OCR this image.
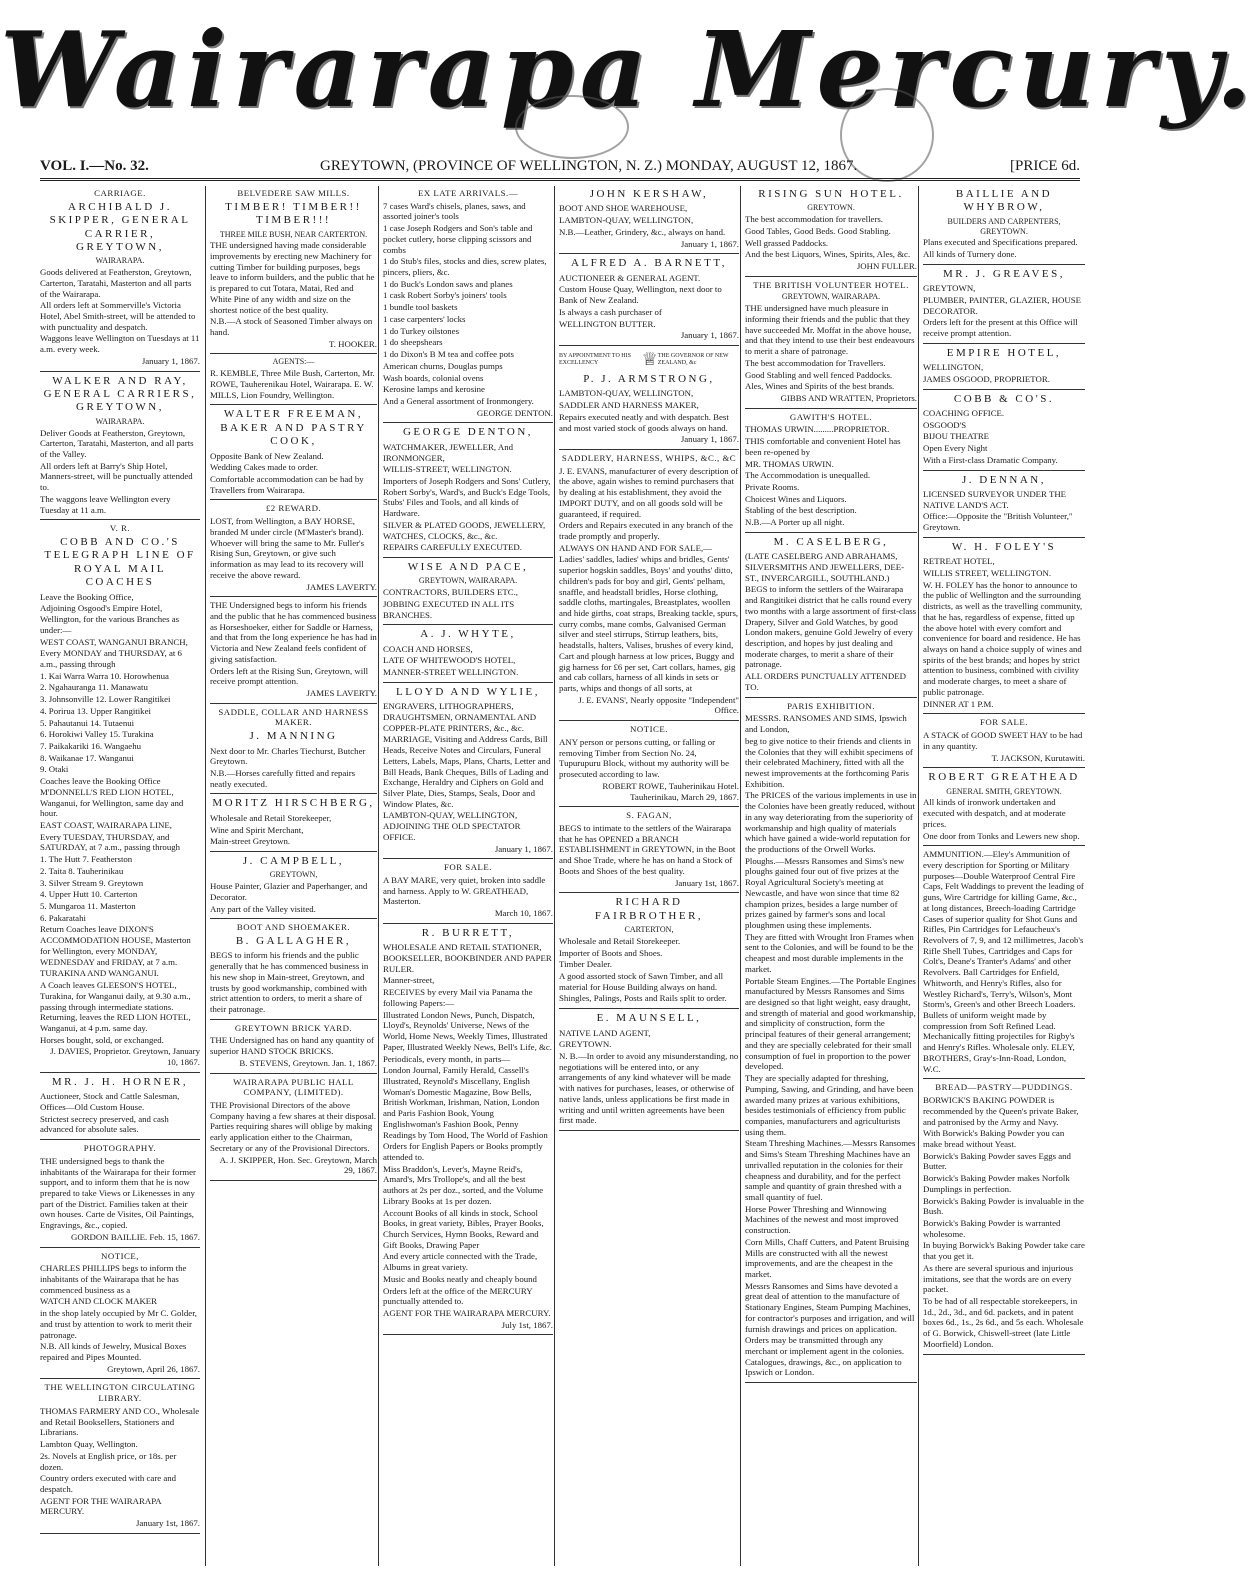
Wairarapa Mercury.
VOL. I.—No. 32.	GREYTOWN, (PROVINCE OF WELLINGTON, N. Z.) MONDAY, AUGUST 12, 1867.	[PRICE 6d.
CARRIAGE.
ARCHIBALD J. SKIPPER, GENERAL CARRIER, GREYTOWN,
WAIRARAPA.
Goods delivered at Featherston, Greytown, Carterton, Taratahi, Masterton and all parts of the Wairarapa.
All orders left at Sommerville's Victoria Hotel, Abel Smith-street, will be attended to with punctuality and despatch.
Waggons leave Wellington on Tuesdays at 11 a.m. every week.
January 1, 1867.
WALKER AND RAY, GENERAL CARRIERS, GREYTOWN,
WAIRARAPA.
Deliver Goods at Featherston, Greytown, Carterton, Taratahi, Masterton, and all parts of the Valley.
All orders left at Barry's Ship Hotel, Manners-street, will be punctually attended to.
The waggons leave Wellington every Tuesday at 11 a.m.
V. R.
COBB AND CO.'S TELEGRAPH LINE OF ROYAL MAIL COACHES
Leave the Booking Office,
Adjoining Osgood's Empire Hotel, Wellington, for the various Branches as under:—
WEST COAST, WANGANUI BRANCH,
Every MONDAY and THURSDAY, at 6 a.m., passing through
1. Kai Warra Warra 10. Horowhenua
2. Ngahauranga 11. Manawatu
3. Johnsonville 12. Lower Rangitikei
4. Porirua 13. Upper Rangitikei
5. Pahautanui 14. Tutaenui
6. Horokiwi Valley 15. Turakina
7. Paikakariki 16. Wangaehu
8. Waikanae 17. Wanganui
9. Otaki
Coaches leave the Booking Office M'DONNELL'S RED LION HOTEL, Wanganui, for Wellington, same day and hour.
EAST COAST, WAIRARAPA LINE,
Every TUESDAY, THURSDAY, and SATURDAY, at 7 a.m., passing through
1. The Hutt 7. Featherston
2. Taita 8. Tauherinikau
3. Silver Stream 9. Greytown
4. Upper Hutt 10. Carterton
5. Mungaroa 11. Masterton
6. Pakaratahi
Return Coaches leave DIXON'S ACCOMMODATION HOUSE, Masterton for Wellington, every MONDAY, WEDNESDAY and FRIDAY, at 7 a.m.
TURAKINA AND WANGANUI.
A Coach leaves GLEESON'S HOTEL, Turakina, for Wanganui daily, at 9.30 a.m., passing through intermediate stations. Returning, leaves the RED LION HOTEL, Wanganui, at 4 p.m. same day.
Horses bought, sold, or exchanged.
J. DAVIES, Proprietor. Greytown, January 10, 1867.
MR. J. H. HORNER,
Auctioneer, Stock and Cattle Salesman, Offices—Old Custom House.
Strictest secrecy preserved, and cash advanced for absolute sales.
PHOTOGRAPHY.
THE undersigned begs to thank the inhabitants of the Wairarapa for their former support, and to inform them that he is now prepared to take Views or Likenesses in any part of the District. Families taken at their own houses. Carte de Visites, Oil Paintings, Engravings, &c., copied.
GORDON BAILLIE. Feb. 15, 1867.
NOTICE,
CHARLES PHILLIPS begs to inform the inhabitants of the Wairarapa that he has commenced business as a
WATCH AND CLOCK MAKER
in the shop lately occupied by Mr C. Golder, and trust by attention to work to merit their patronage.
N.B. All kinds of Jewelry, Musical Boxes repaired and Pipes Mounted.
Greytown, April 26, 1867.
THE WELLINGTON CIRCULATING LIBRARY.
THOMAS FARMERY AND CO., Wholesale and Retail Booksellers, Stationers and Librarians.
Lambton Quay, Wellington.
2s. Novels at English price, or 18s. per dozen.
Country orders executed with care and despatch.
AGENT FOR THE WAIRARAPA MERCURY.
January 1st, 1867.
BELVEDERE SAW MILLS.
TIMBER! TIMBER!! TIMBER!!!
THREE MILE BUSH, NEAR CARTERTON.
THE undersigned having made considerable improvements by erecting new Machinery for cutting Timber for building purposes, begs leave to inform builders, and the public that he is prepared to cut Totara, Matai, Red and White Pine of any width and size on the shortest notice of the best quality.
N.B.—A stock of Seasoned Timber always on hand.
T. HOOKER.
AGENTS:—
R. KEMBLE, Three Mile Bush, Carterton, Mr. ROWE, Tauherenikau Hotel, Wairarapa. E. W. MILLS, Lion Foundry, Wellington.
WALTER FREEMAN, BAKER AND PASTRY COOK,
Opposite Bank of New Zealand.
Wedding Cakes made to order.
Comfortable accommodation can be had by Travellers from Wairarapa.
£2 REWARD.
LOST, from Wellington, a BAY HORSE, branded M under circle (M'Master's brand). Whoever will bring the same to Mr. Fuller's Rising Sun, Greytown, or give such information as may lead to its recovery will receive the above reward.
JAMES LAVERTY.
THE Undersigned begs to inform his friends and the public that he has commenced business as Horseshoeker, either for Saddle or Harness, and that from the long experience he has had in Victoria and New Zealand feels confident of giving satisfaction.
Orders left at the Rising Sun, Greytown, will receive prompt attention.
JAMES LAVERTY.
SADDLE, COLLAR AND HARNESS MAKER.
J. MANNING
Next door to Mr. Charles Tiechurst, Butcher Greytown.
N.B.—Horses carefully fitted and repairs neatly executed.
MORITZ HIRSCHBERG,
Wholesale and Retail Storekeeper,
Wine and Spirit Merchant,
Main-street Greytown.
J. CAMPBELL,
GREYTOWN,
House Painter, Glazier and Paperhanger, and Decorator.
Any part of the Valley visited.
BOOT AND SHOEMAKER.
B. GALLAGHER,
BEGS to inform his friends and the public generally that he has commenced business in his new shop in Main-street, Greytown, and trusts by good workmanship, combined with strict attention to orders, to merit a share of their patronage.
GREYTOWN BRICK YARD.
THE Undersigned has on hand any quantity of superior HAND STOCK BRICKS.
B. STEVENS, Greytown. Jan. 1, 1867.
WAIRARAPA PUBLIC HALL COMPANY, (LIMITED).
THE Provisional Directors of the above Company having a few shares at their disposal. Parties requiring shares will oblige by making early application either to the Chairman, Secretary or any of the Provisional Directors.
A. J. SKIPPER, Hon. Sec. Greytown, March 29, 1867.
EX LATE ARRIVALS.—
7 cases Ward's chisels, planes, saws, and assorted joiner's tools
1 case Joseph Rodgers and Son's table and pocket cutlery, horse clipping scissors and combs
1 do Stub's files, stocks and dies, screw plates, pincers, pliers, &c.
1 do Buck's London saws and planes
1 cask Robert Sorby's joiners' tools
1 bundle tool baskets
1 case carpenters' locks
1 do Turkey oilstones
1 do sheepshears
1 do Dixon's B M tea and coffee pots
American churns, Douglas pumps
Wash boards, colonial ovens
Kerosine lamps and kerosine
And a General assortment of Ironmongery.
GEORGE DENTON.
GEORGE DENTON,
WATCHMAKER, JEWELLER, And IRONMONGER,
WILLIS-STREET, WELLINGTON.
Importers of Joseph Rodgers and Sons' Cutlery, Robert Sorby's, Ward's, and Buck's Edge Tools, Stubs' Files and Tools, and all kinds of Hardware.
SILVER & PLATED GOODS, JEWELLERY, WATCHES, CLOCKS, &c., &c.
REPAIRS CAREFULLY EXECUTED.
WISE AND PACE,
GREYTOWN, WAIRARAPA.
CONTRACTORS, BUILDERS ETC.,
JOBBING EXECUTED IN ALL ITS BRANCHES.
A. J. WHYTE,
COACH AND HORSES,
LATE OF WHITEWOOD'S HOTEL,
MANNER-STREET WELLINGTON.
LLOYD AND WYLIE,
ENGRAVERS, LITHOGRAPHERS, DRAUGHTSMEN, ORNAMENTAL AND COPPER-PLATE PRINTERS, &c., &c.
MARRIAGE, Visiting and Address Cards, Bill Heads, Receive Notes and Circulars, Funeral Letters, Labels, Maps, Plans, Charts, Letter and Bill Heads, Bank Cheques, Bills of Lading and Exchange, Heraldry and Ciphers on Gold and Silver Plate, Dies, Stamps, Seals, Door and Window Plates, &c.
LAMBTON-QUAY, WELLINGTON, ADJOINING THE OLD SPECTATOR OFFICE.
January 1, 1867.
FOR SALE.
A BAY MARE, very quiet, broken into saddle and harness. Apply to W. GREATHEAD, Masterton.
March 10, 1867.
R. BURRETT,
WHOLESALE AND RETAIL STATIONER, BOOKSELLER, BOOKBINDER AND PAPER RULER.
Manner-street,
RECEIVES by every Mail via Panama the following Papers:—
Illustrated London News, Punch, Dispatch, Lloyd's, Reynolds' Universe, News of the World, Home News, Weekly Times, Illustrated Paper, Illustrated Weekly News, Bell's Life, &c.
Periodicals, every month, in parts—
London Journal, Family Herald, Cassell's Illustrated, Reynold's Miscellany, English Woman's Domestic Magazine, Bow Bells, British Workman, Irishman, Nation, London and Paris Fashion Book, Young Englishwoman's Fashion Book, Penny Readings by Tom Hood, The World of Fashion
Orders for English Papers or Books promptly attended to.
Miss Braddon's, Lever's, Mayne Reid's, Amard's, Mrs Trollope's, and all the best authors at 2s per doz., sorted, and the Volume Library Books at 1s per dozen.
Account Books of all kinds in stock, School Books, in great variety, Bibles, Prayer Books, Church Services, Hymn Books, Reward and Gift Books, Drawing Paper
And every article connected with the Trade, Albums in great variety.
Music and Books neatly and cheaply bound
Orders left at the office of the MERCURY punctually attended to.
AGENT FOR THE WAIRARAPA MERCURY.
July 1st, 1867.
JOHN KERSHAW,
BOOT AND SHOE WAREHOUSE,
LAMBTON-QUAY, WELLINGTON,
N.B.—Leather, Grindery, &c., always on hand.
January 1, 1867.
ALFRED A. BARNETT,
AUCTIONEER & GENERAL AGENT.
Custom House Quay, Wellington, next door to Bank of New Zealand.
Is always a cash purchaser of
WELLINGTON BUTTER.
January 1, 1867.
BY APPOINTMENT TO HIS EXCELLENCY	♕ THE GOVERNOR OF NEW ZEALAND, &c
P. J. ARMSTRONG,
LAMBTON-QUAY, WELLINGTON,
SADDLER AND HARNESS MAKER,
Repairs executed neatly and with despatch. Best and most varied stock of goods always on hand.
January 1, 1867.
SADDLERY, HARNESS, WHIPS, &C., &C
J. E. EVANS, manufacturer of every description of the above, again wishes to remind purchasers that by dealing at his establishment, they avoid the IMPORT DUTY, and on all goods sold will be guaranteed, if required.
Orders and Repairs executed in any branch of the trade promptly and properly.
ALWAYS ON HAND AND FOR SALE,—
Ladies' saddles, ladies' whips and bridles, Gents' superior hogskin saddles, Boys' and youths' ditto, children's pads for boy and girl, Gents' pelham, snaffle, and headstall bridles, Horse clothing, saddle cloths, martingales, Breastplates, woollen and hide girths, coat straps, Breaking tackle, spurs, curry combs, mane combs, Galvanised German silver and steel stirrups, Stirrup leathers, bits, headstalls, halters, Valises, brushes of every kind, Cart and plough harness at low prices, Buggy and gig harness for £6 per set, Cart collars, hames, gig and cab collars, harness of all kinds in sets or parts, whips and thongs of all sorts, at
J. E. EVANS', Nearly opposite "Independent" Office.
NOTICE.
ANY person or persons cutting, or falling or removing Timber from Section No. 24, Tupurupuru Block, without my authority will be prosecuted according to law.
ROBERT ROWE, Tauherinikau Hotel. Tauherinikau, March 29, 1867.
S. FAGAN,
BEGS to intimate to the settlers of the Wairarapa that he has OPENED a BRANCH ESTABLISHMENT in GREYTOWN, in the Boot and Shoe Trade, where he has on hand a Stock of Boots and Shoes of the best quality.
January 1st, 1867.
RICHARD FAIRBROTHER,
CARTERTON,
Wholesale and Retail Storekeeper.
Importer of Boots and Shoes.
Timber Dealer.
A good assorted stock of Sawn Timber, and all material for House Building always on hand.
Shingles, Palings, Posts and Rails split to order.
E. MAUNSELL,
NATIVE LAND AGENT,
GREYTOWN.
N. B.—In order to avoid any misunderstanding, no negotiations will be entered into, or any arrangements of any kind whatever will be made with natives for purchases, leases, or otherwise of native lands, unless applications be first made in writing and until written agreements have been first made.
RISING SUN HOTEL.
GREYTOWN.
The best accommodation for travellers.
Good Tables, Good Beds. Good Stabling.
Well grassed Paddocks.
And the best Liquors, Wines, Spirits, Ales, &c.
JOHN FULLER.
THE BRITISH VOLUNTEER HOTEL.
GREYTOWN, WAIRARAPA.
THE undersigned have much pleasure in informing their friends and the public that they have succeeded Mr. Moffat in the above house, and that they intend to use their best endeavours to merit a share of patronage.
The best accommodation for Travellers.
Good Stabling and well fenced Paddocks.
Ales, Wines and Spirits of the best brands.
GIBBS AND WRATTEN, Proprietors.
GAWITH'S HOTEL.
THOMAS URWIN.........PROPRIETOR.
THIS comfortable and convenient Hotel has been re-opened by
MR. THOMAS URWIN.
The Accommodation is unequalled.
Private Rooms.
Choicest Wines and Liquors.
Stabling of the best description.
N.B.—A Porter up all night.
M. CASELBERG,
(LATE CASELBERG AND ABRAHAMS, SILVERSMITHS AND JEWELLERS, DEE-ST., INVERCARGILL, SOUTHLAND.)
BEGS to inform the settlers of the Wairarapa and Rangitikei district that he calls round every two months with a large assortment of first-class Drapery, Silver and Gold Watches, by good London makers, genuine Gold Jewelry of every description, and hopes by just dealing and moderate charges, to merit a share of their patronage.
ALL ORDERS PUNCTUALLY ATTENDED TO.
PARIS EXHIBITION.
MESSRS. RANSOMES AND SIMS, Ipswich and London,
beg to give notice to their friends and clients in the Colonies that they will exhibit specimens of their celebrated Machinery, fitted with all the newest improvements at the forthcoming Paris Exhibition.
The PRICES of the various implements in use in the Colonies have been greatly reduced, without in any way deteriorating from the superiority of workmanship and high quality of materials which have gained a wide-world reputation for the productions of the Orwell Works.
Ploughs.—Messrs Ransomes and Sims's new ploughs gained four out of five prizes at the Royal Agricultural Society's meeting at Newcastle, and have won since that time 82 champion prizes, besides a large number of prizes gained by farmer's sons and local ploughmen using these implements.
They are fitted with Wrought Iron Frames when sent to the Colonies, and will be found to be the cheapest and most durable implements in the market.
Portable Steam Engines.—The Portable Engines manufactured by Messrs Ransomes and Sims are designed so that light weight, easy draught, and strength of material and good workmanship, and simplicity of construction, form the principal features of their general arrangement; and they are specially celebrated for their small consumption of fuel in proportion to the power developed.
They are specially adapted for threshing, Pumping, Sawing, and Grinding, and have been awarded many prizes at various exhibitions, besides testimonials of efficiency from public companies, manufacturers and agriculturists using them.
Steam Threshing Machines.—Messrs Ransomes and Sims's Steam Threshing Machines have an unrivalled reputation in the colonies for their cheapness and durability, and for the perfect sample and quantity of grain threshed with a small quantity of fuel.
Horse Power Threshing and Winnowing Machines of the newest and most improved construction.
Corn Mills, Chaff Cutters, and Patent Bruising Mills are constructed with all the newest improvements, and are the cheapest in the market.
Messrs Ransomes and Sims have devoted a great deal of attention to the manufacture of Stationary Engines, Steam Pumping Machines, for contractor's purposes and irrigation, and will furnish drawings and prices on application.
Orders may be transmitted through any merchant or implement agent in the colonies. Catalogues, drawings, &c., on application to Ipswich or London.
BAILLIE AND WHYBROW,
BUILDERS AND CARPENTERS, GREYTOWN.
Plans executed and Specifications prepared.
All kinds of Turnery done.
MR. J. GREAVES,
GREYTOWN,
PLUMBER, PAINTER, GLAZIER, HOUSE DECORATOR.
Orders left for the present at this Office will receive prompt attention.
EMPIRE HOTEL,
WELLINGTON,
JAMES OSGOOD, PROPRIETOR.
COBB & CO'S.
COACHING OFFICE.
OSGOOD'S
BIJOU THEATRE
Open Every Night
With a First-class Dramatic Company.
J. DENNAN,
LICENSED SURVEYOR UNDER THE NATIVE LAND'S ACT.
Office:—Opposite the "British Volunteer," Greytown.
W. H. FOLEY'S
RETREAT HOTEL,
WILLIS STREET, WELLINGTON.
W. H. FOLEY has the honor to announce to the public of Wellington and the surrounding districts, as well as the travelling community, that he has, regardless of expense, fitted up the above hotel with every comfort and convenience for board and residence. He has always on hand a choice supply of wines and spirits of the best brands; and hopes by strict attention to business, combined with civility and moderate charges, to meet a share of public patronage.
DINNER AT 1 P.M.
FOR SALE.
A STACK of GOOD SWEET HAY to be had in any quantity.
T. JACKSON, Kurutawiti.
ROBERT GREATHEAD
GENERAL SMITH, GREYTOWN.
All kinds of ironwork undertaken and executed with despatch, and at moderate prices.
One door from Tonks and Lewers new shop.
AMMUNITION.—Eley's Ammunition of every description for Sporting or Military purposes—Double Waterproof Central Fire Caps, Felt Waddings to prevent the leading of guns, Wire Cartridge for killing Game, &c., at long distances, Breech-loading Cartridge Cases of superior quality for Shot Guns and Rifles, Pin Cartridges for Lefaucheux's Revolvers of 7, 9, and 12 millimetres, Jacob's Rifle Shell Tubes, Cartridges and Caps for Colt's, Deane's Tranter's Adams' and other Revolvers. Ball Cartridges for Enfield, Whitworth, and Henry's Rifles, also for Westley Richard's, Terry's, Wilson's, Mont Storm's, Green's and other Breech Loaders. Bullets of uniform weight made by compression from Soft Refined Lead. Mechanically fitting projectiles for Rigby's and Henry's Rifles. Wholesale only. ELEY, BROTHERS, Gray's-Inn-Road, London, W.C.
BREAD—PASTRY—PUDDINGS.
BORWICK'S BAKING POWDER is recommended by the Queen's private Baker, and patronised by the Army and Navy.
With Borwick's Baking Powder you can make bread without Yeast.
Borwick's Baking Powder saves Eggs and Butter.
Borwick's Baking Powder makes Norfolk Dumplings in perfection.
Borwick's Baking Powder is invaluable in the Bush.
Borwick's Baking Powder is warranted wholesome.
In buying Borwick's Baking Powder take care that you get it.
As there are several spurious and injurious imitations, see that the words are on every packet.
To be had of all respectable storekeepers, in 1d., 2d., 3d., and 6d. packets, and in patent boxes 6d., 1s., 2s 6d., and 5s each. Wholesale of G. Borwick, Chiswell-street (late Little Moorfield) London.
